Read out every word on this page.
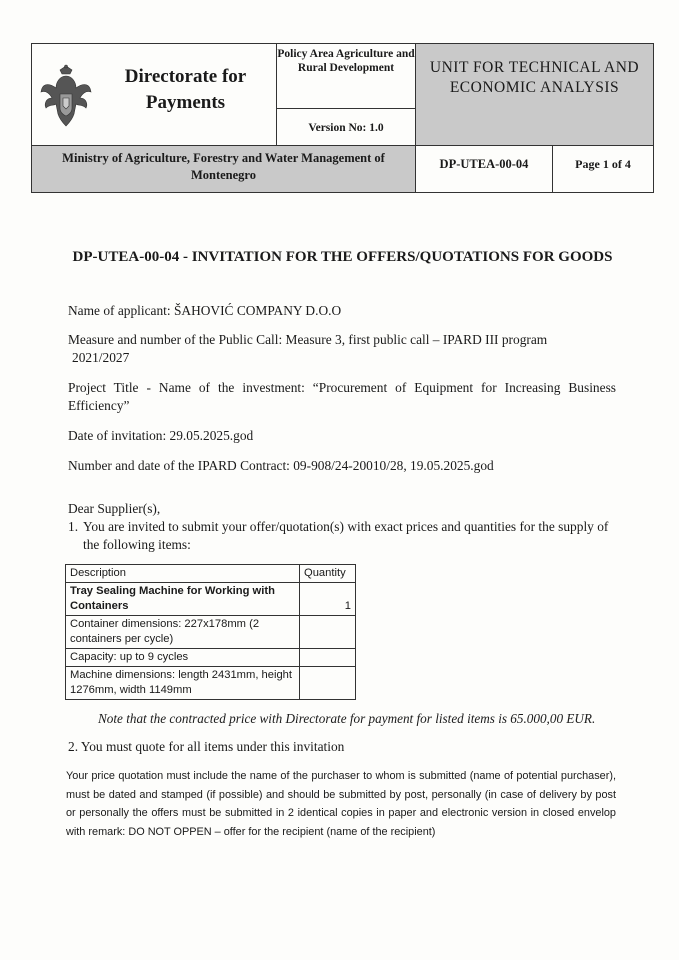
Directorate for Payments
Policy Area Agriculture and Rural Development
Version No: 1.0
UNIT FOR TECHNICAL AND ECONOMIC ANALYSIS
Ministry of Agriculture, Forestry and Water Management of Montenegro
DP-UTEA-00-04	Page 1 of 4
DP-UTEA-00-04 - INVITATION FOR THE OFFERS/QUOTATIONS FOR GOODS
Name of applicant: ŠAHOVIĆ COMPANY D.O.O
Measure and number of the Public Call: Measure 3, first public call – IPARD III program
2021/2027
Project Title - Name of the investment: “Procurement of Equipment for Increasing Business Efficiency”
Date of invitation: 29.05.2025.god
Number and date of the IPARD Contract: 09-908/24-20010/28, 19.05.2025.god
Dear Supplier(s),
1. You are invited to submit your offer/quotation(s) with exact prices and quantities for the supply of the following items:
Description	Quantity
Tray Sealing Machine for Working with Containers	1
Container dimensions: 227x178mm (2 containers per cycle)	
Capacity: up to 9 cycles	
Machine dimensions: length 2431mm, height 1276mm, width 1149mm	
Note that the contracted price with Directorate for payment for listed items is 65.000,00 EUR.
2. You must quote for all items under this invitation
Your price quotation must include the name of the purchaser to whom is submitted (name of potential purchaser), must be dated and stamped (if possible) and should be submitted by post, personally (in case of delivery by post or personally the offers must be submitted in 2 identical copies in paper and electronic version in closed envelop with remark: DO NOT OPPEN – offer for the recipient (name of the recipient)
